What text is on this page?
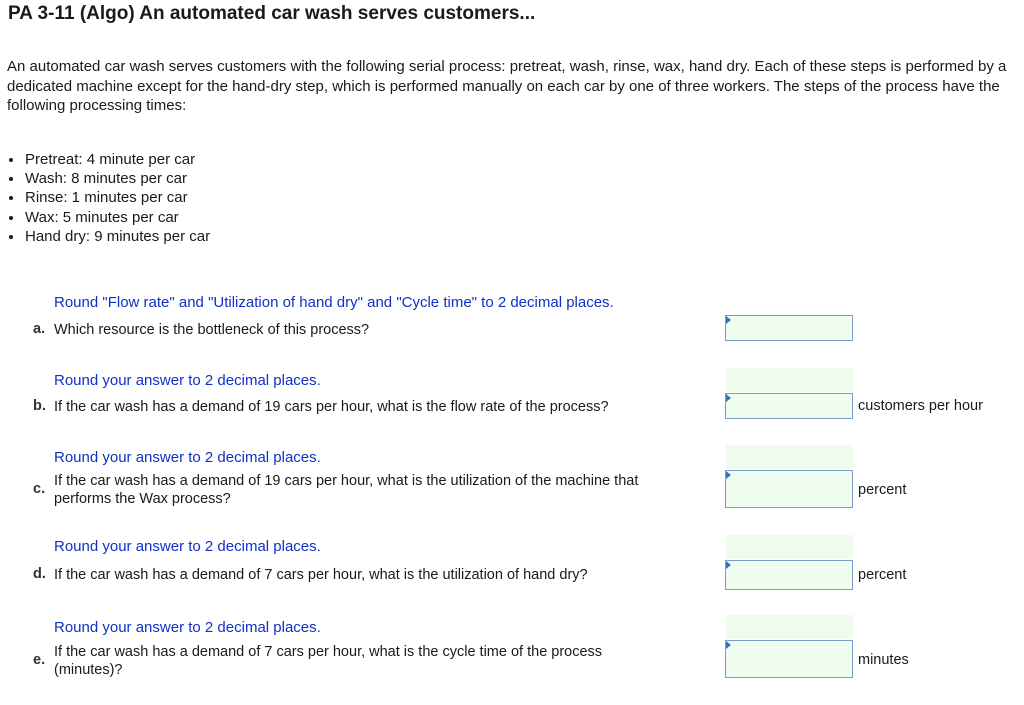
PA 3-11 (Algo) An automated car wash serves customers...

An automated car wash serves customers with the following serial process: pretreat, wash, rinse, wax, hand dry. Each of these steps is performed by a dedicated machine except for the hand-dry step, which is performed manually on each car by one of three workers. The steps of the process have the following processing times:

Pretreat: 4 minute per car
Wash: 8 minutes per car
Rinse: 1 minutes per car
Wax: 5 minutes per car
Hand dry: 9 minutes per car
Round "Flow rate" and "Utilization of hand dry" and "Cycle time" to 2 decimal places.
a. Which resource is the bottleneck of this process?
Round your answer to 2 decimal places.
b. If the car wash has a demand of 19 cars per hour, what is the flow rate of the process?	customers per hour
Round your answer to 2 decimal places.
c. If the car wash has a demand of 19 cars per hour, what is the utilization of the machine that
performs the Wax process?
percent
Round your answer to 2 decimal places.
d. If the car wash has a demand of 7 cars per hour, what is the utilization of hand dry?	percent
Round your answer to 2 decimal places.
e. If the car wash has a demand of 7 cars per hour, what is the cycle time of the process
(minutes)?
minutes
